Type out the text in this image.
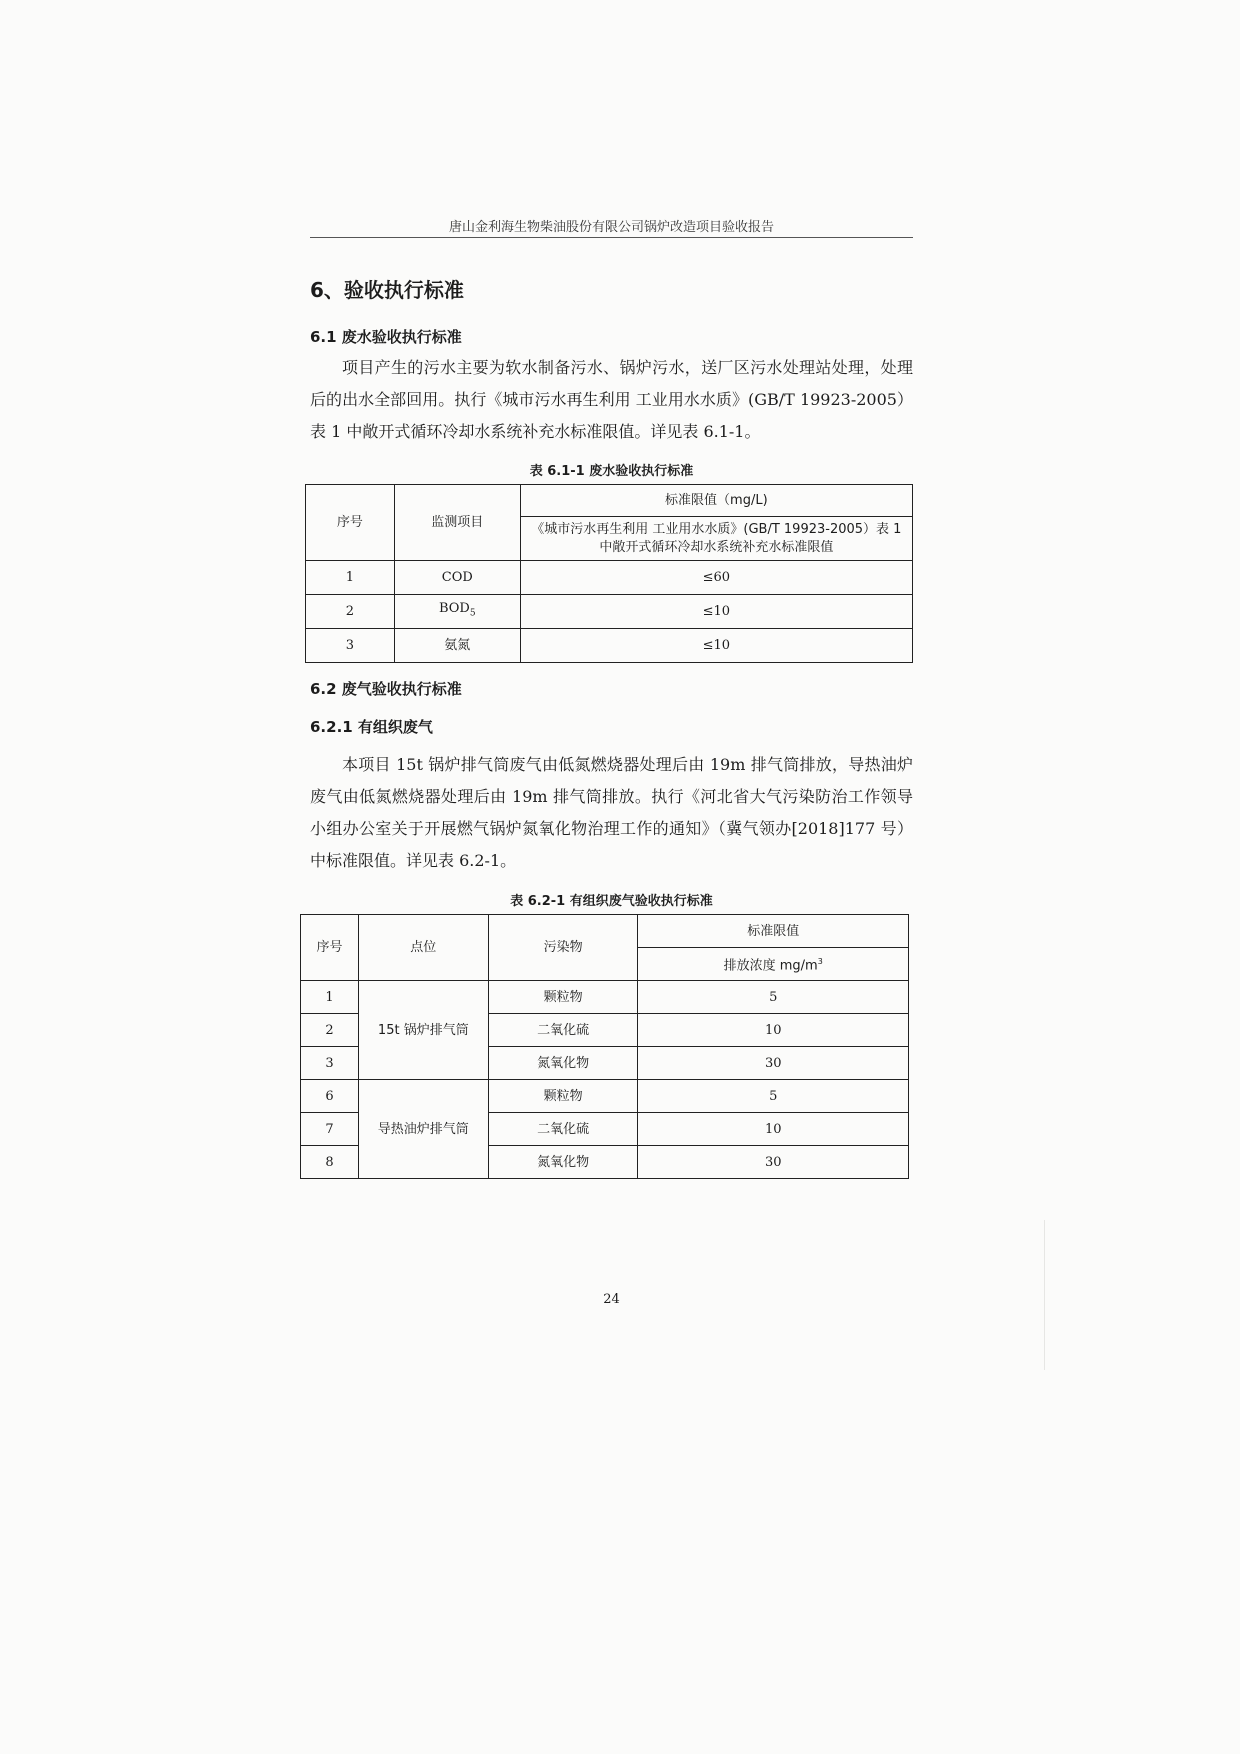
唐山金利海生物柴油股份有限公司锅炉改造项目验收报告
6、验收执行标准
6.1 废水验收执行标准
项目产生的污水主要为软水制备污水、锅炉污水，送厂区污水处理站处理，处理后的出水全部回用。执行《城市污水再生利用 工业用水水质》(GB/T 19923-2005）表 1 中敞开式循环冷却水系统补充水标准限值。详见表 6.1-1。
表 6.1-1 废水验收执行标准
序号	监测项目	标准限值（mg/L)
		《城市污水再生利用 工业用水水质》(GB/T 19923-2005）表 1 中敞开式循环冷却水系统补充水标准限值
1	COD	≤60
2	$BOD_5$	≤10
3	氨氮	≤10
6.2 废气验收执行标准
6.2.1 有组织废气
本项目 15t 锅炉排气筒废气由低氮燃烧器处理后由 19m 排气筒排放，导热油炉废气由低氮燃烧器处理后由 19m 排气筒排放。执行《河北省大气污染防治工作领导小组办公室关于开展燃气锅炉氮氧化物治理工作的通知》（冀气领办[2018]177 号）中标准限值。详见表 6.2-1。
表 6.2-1 有组织废气验收执行标准
序号	点位	污染物	标准限值
			排放浓度 $mg/m^3$
1	15t 锅炉排气筒	颗粒物	5
2		二氧化硫	10
3		氮氧化物	30
6	导热油炉排气筒	颗粒物	5
7		二氧化硫	10
8		氮氧化物	30
24
